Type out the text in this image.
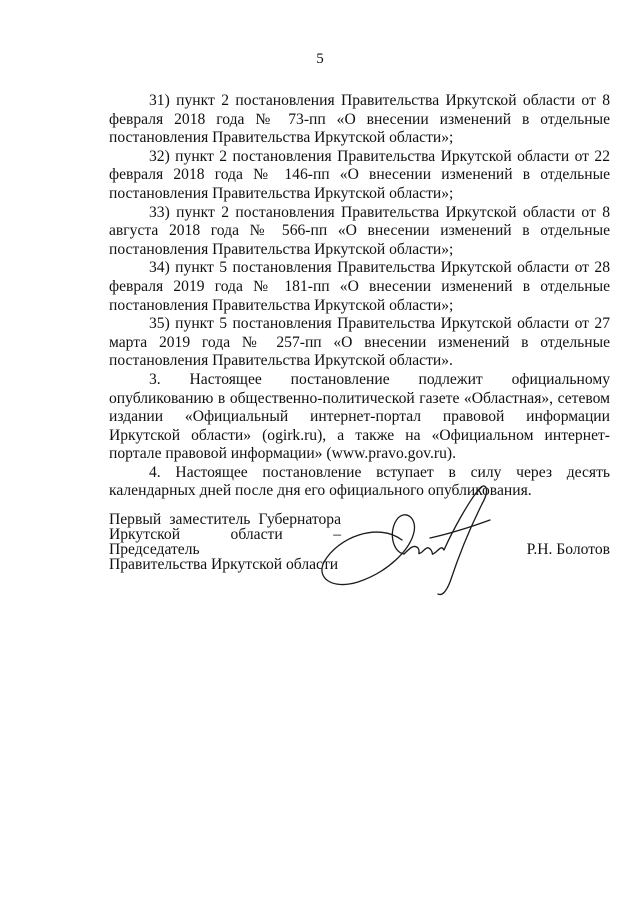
5

31) пункт 2 постановления Правительства Иркутской области от 8 февраля 2018 года № 73-пп «О внесении изменений в отдельные постановления Правительства Иркутской области»;

32) пункт 2 постановления Правительства Иркутской области от 22 февраля 2018 года № 146-пп «О внесении изменений в отдельные постановления Правительства Иркутской области»;

33) пункт 2 постановления Правительства Иркутской области от 8 августа 2018 года № 566-пп «О внесении изменений в отдельные постановления Правительства Иркутской области»;

34) пункт 5 постановления Правительства Иркутской области от 28 февраля 2019 года № 181-пп «О внесении изменений в отдельные постановления Правительства Иркутской области»;

35) пункт 5 постановления Правительства Иркутской области от 27 марта 2019 года № 257-пп «О внесении изменений в отдельные постановления Правительства Иркутской области».

3. Настоящее постановление подлежит официальному опубликованию в общественно-политической газете «Областная», сетевом издании «Официальный интернет-портал правовой информации Иркутской области» (ogirk.ru), а также на «Официальном интернет-портале правовой информации» (www.pravo.gov.ru).

4. Настоящее постановление вступает в силу через десять календарных дней после дня его официального опубликования.

Первый заместитель Губернатора
Иркутской области – Председатель
Правительства Иркутской области
Р.Н. Болотов
